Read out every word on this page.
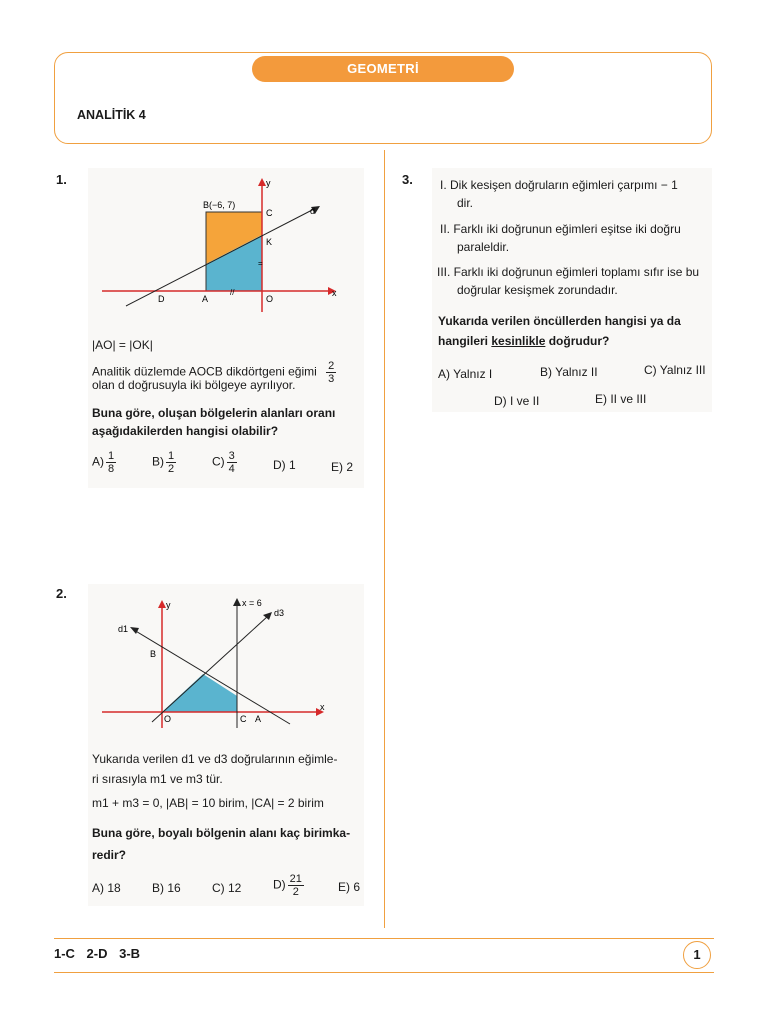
GEOMETRİ
ANALİTİK 4
1.	y
x
d
B(−6, 7)
C
K
D	A	O
//
=
|AO| = |OK|
Analitik düzlemde AOCB dikdörtgeni eğimi $\frac{2}{3}$
olan d doğrusuyla iki bölgeye ayrılıyor.
Buna göre, oluşan bölgelerin alanları oranı
aşağıdakilerden hangisi olabilir?
$A) \frac{1}{8}$	$B) \frac{1}{2}$	$C) \frac{3}{4}$	D) 1	E) 2
2.
y
x
x = 6
d1
d3
B
O	C A
Yukarıda verilen d1 ve d3 doğrularının eğimle-
ri sırasıyla m1 ve m3 tür.
m1 + m3 = 0, |AB| = 10 birim, |CA| = 2 birim
Buna göre, boyalı bölgenin alanı kaç birimka-
redir?
A) 18	B) 16	C) 12	$D) \frac{21}{2}$	E) 6
3. I. Dik kesişen doğruların eğimleri çarpımı − 1
dir.
II. Farklı iki doğrunun eğimleri eşitse iki doğru
paraleldir.
III. Farklı iki doğrunun eğimleri toplamı sıfır ise bu
doğrular kesişmek zorundadır.
Yukarıda verilen öncüllerden hangisi ya da
hangileri kesinlikle doğrudur?
A) Yalnız I	B) Yalnız II	C) Yalnız III
D) I ve II	E) II ve III
1-C 2-D 3-B	1
